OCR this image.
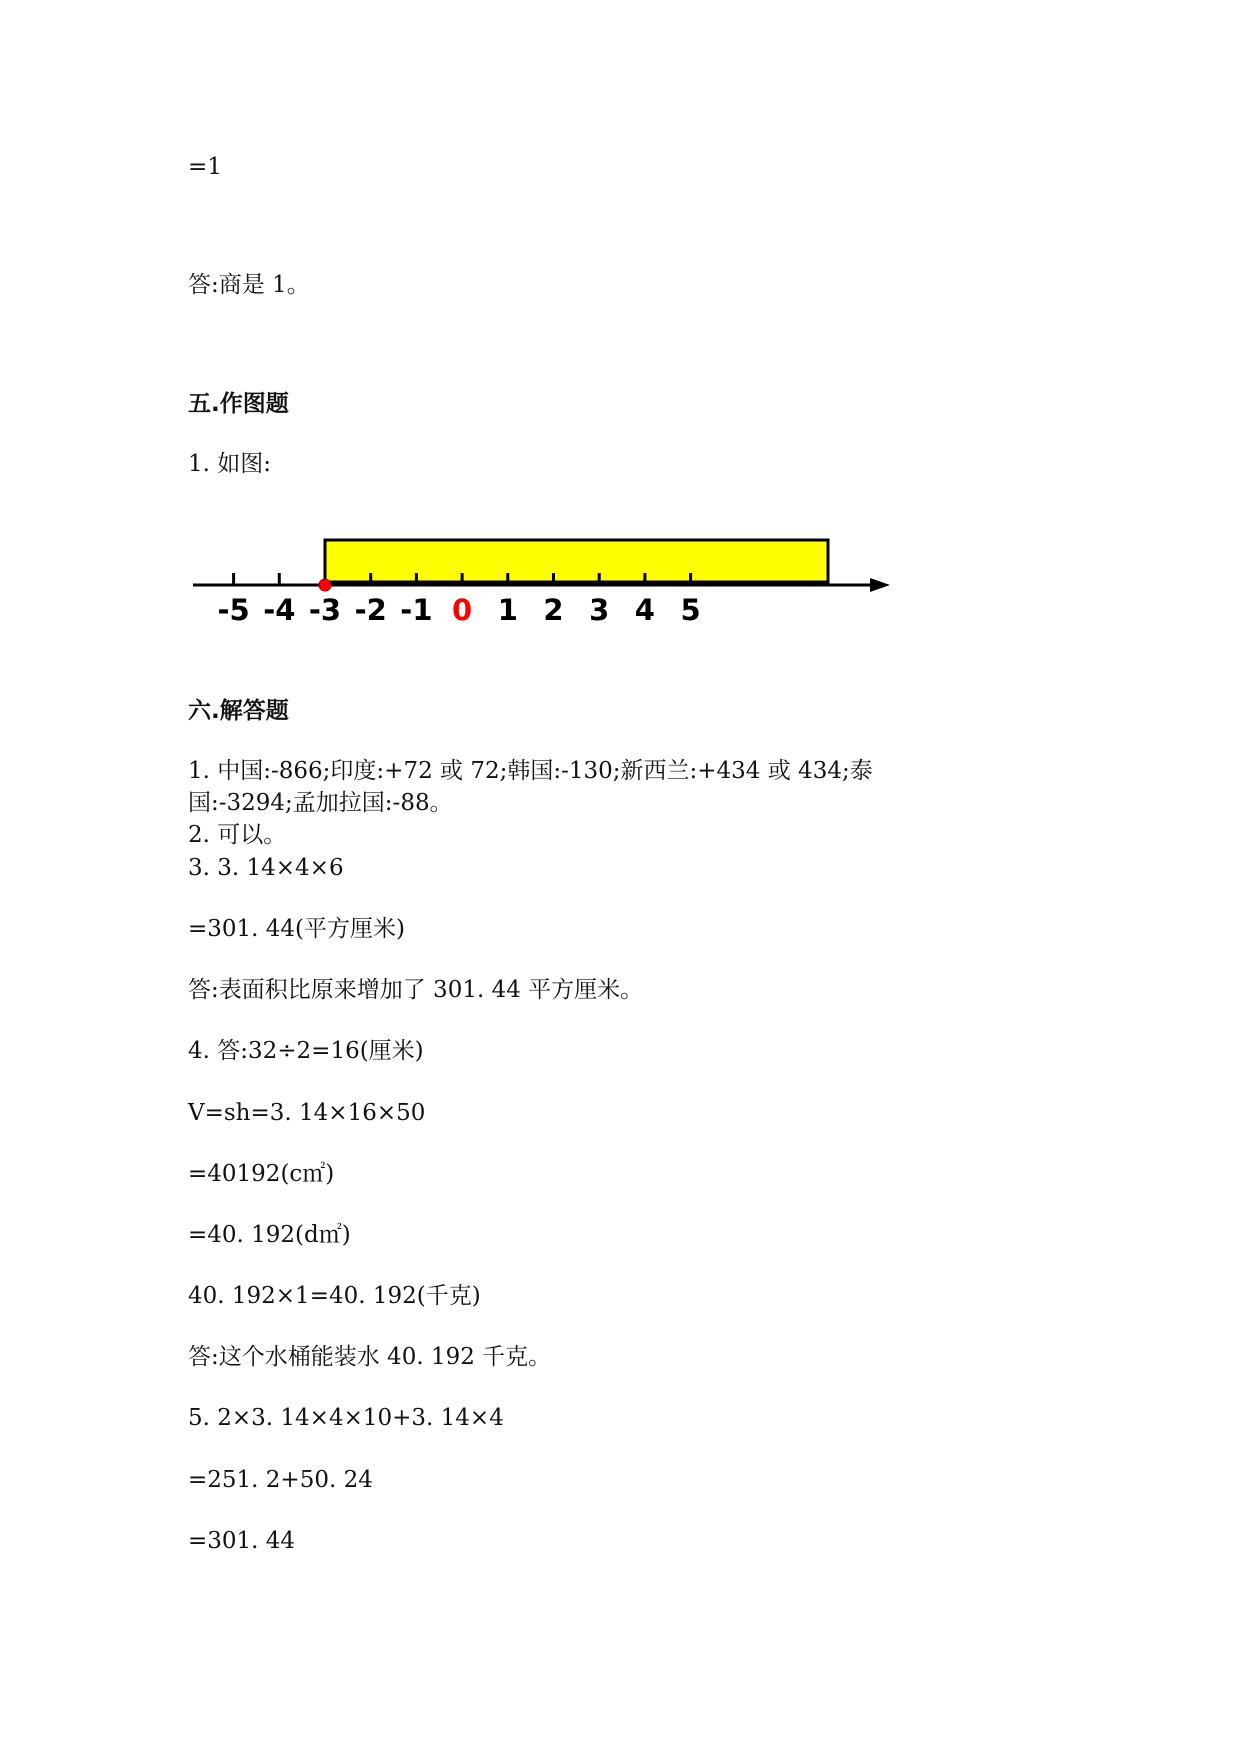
=1
答:商是 1。
五.作图题
1. 如图:
-5 -4 -3 -2 -1 0 1 2 3 4 5
六.解答题
1. 中国:-866;印度:+72 或 72;韩国:-130;新西兰:+434 或 434;泰
国:-3294;孟加拉国:-88。
2. 可以。
3. 3. 14×4×6
=301. 44(平方厘米)
答:表面积比原来增加了 301. 44 平方厘米。
4. 答:32÷2=16(厘米)
V=sh=3. 14×16×50
=40192(c㎡)
=40. 192(d㎡)
40. 192×1=40. 192(千克)
答:这个水桶能装水 40. 192 千克。
5. 2×3. 14×4×10+3. 14×4
=251. 2+50. 24
=301. 44
